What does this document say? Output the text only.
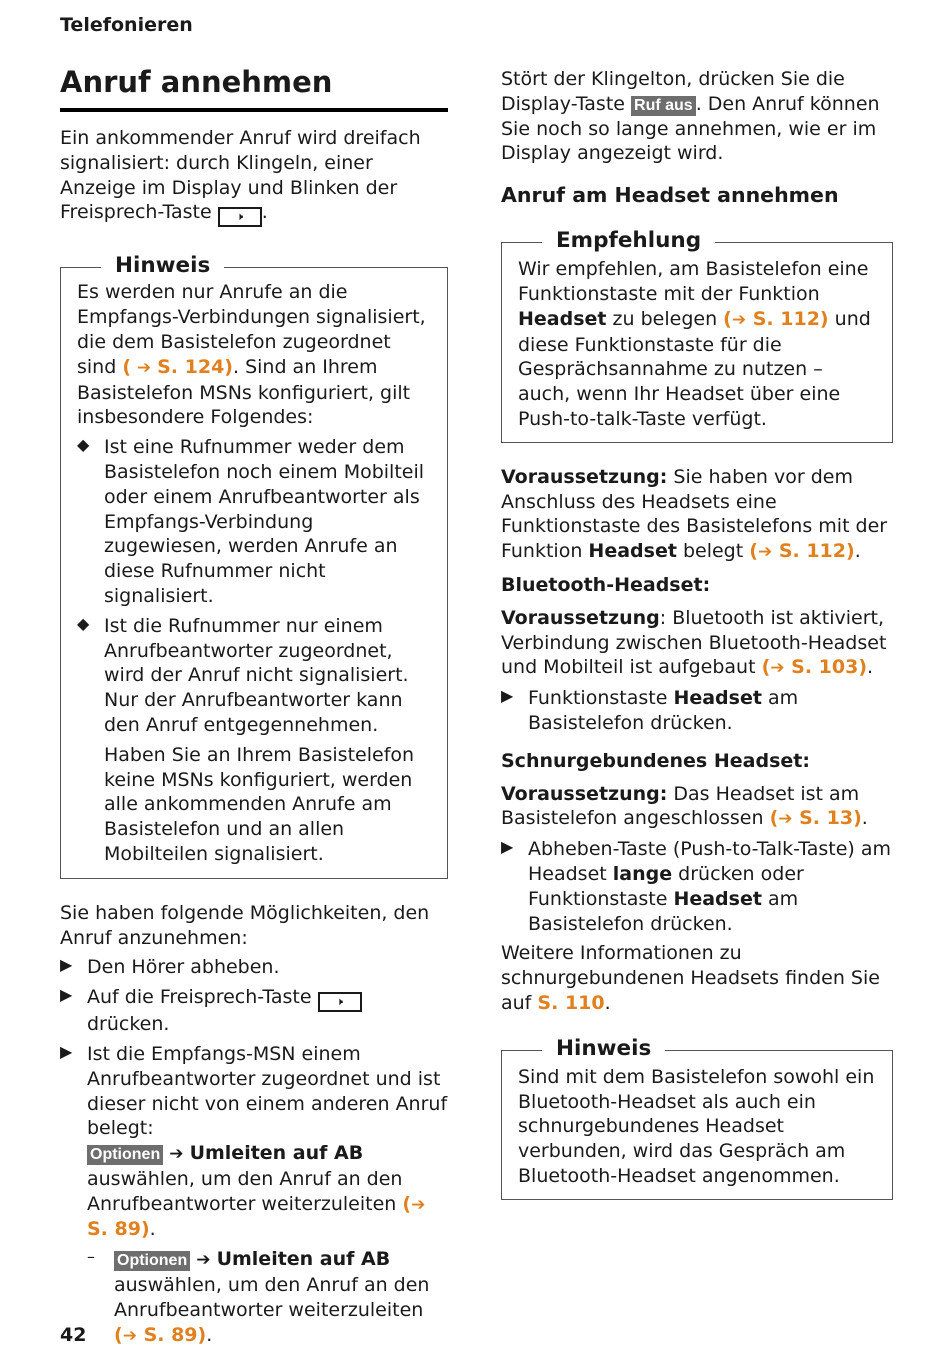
Telefonieren
Anruf annehmen

Ein ankommender Anruf wird dreifach signalisiert: durch Klingeln, einer Anzeige im Display und Blinken der Freisprech-Taste 🕨 .

Hinweis

Es werden nur Anrufe an die Empfangs-Verbindungen signalisiert, die dem Basistelefon zugeordnet sind ( ➔ S. 124). Sind an Ihrem Basistelefon MSNs konfiguriert, gilt insbesondere Folgendes:

◆ Ist eine Rufnummer weder dem Basistelefon noch einem Mobilteil oder einem Anrufbeantworter als Empfangs-Verbindung zugewiesen, werden Anrufe an diese Rufnummer nicht signalisiert.

◆ Ist die Rufnummer nur einem Anrufbeantworter zugeordnet, wird der Anruf nicht signalisiert. Nur der Anrufbeantworter kann den Anruf entgegennehmen.

Haben Sie an Ihrem Basistelefon keine MSNs konfiguriert, werden alle ankommenden Anrufe am Basistelefon und an allen Mobilteilen signalisiert.

Sie haben folgende Möglichkeiten, den Anruf anzunehmen:

▶ Den Hörer abheben.

▶ Auf die Freisprech-Taste 🕨 drücken.

▶ Ist die Empfangs-MSN einem Anrufbeantworter zugeordnet und ist dieser nicht von einem anderen Anruf belegt:
Optionen ➔ Umleiten auf AB auswählen, um den Anruf an den Anrufbeantworter weiterzuleiten (➔ S. 89).

– Optionen ➔ Umleiten auf AB auswählen, um den Anruf an den Anrufbeantworter weiterzuleiten (➔ S. 89).

Stört der Klingelton, drücken Sie die Display-Taste Ruf aus . Den Anruf können Sie noch so lange annehmen, wie er im Display angezeigt wird.

Anruf am Headset annehmen
Empfehlung

Wir empfehlen, am Basistelefon eine Funktionstaste mit der Funktion Headset zu belegen (➔ S. 112) und diese Funktionstaste für die Gesprächsannahme zu nutzen – auch, wenn Ihr Headset über eine Push-to-talk-Taste verfügt.

Voraussetzung: Sie haben vor dem Anschluss des Headsets eine Funktionstaste des Basistelefons mit der Funktion Headset belegt (➔ S. 112).

Bluetooth-Headset:

Voraussetzung: Bluetooth ist aktiviert, Verbindung zwischen Bluetooth-Headset und Mobilteil ist aufgebaut (➔ S. 103).

▶ Funktionstaste Headset am Basistelefon drücken.

Schnurgebundenes Headset:

Voraussetzung: Das Headset ist am Basistelefon angeschlossen (➔ S. 13).

▶ Abheben-Taste (Push-to-Talk-Taste) am Headset lange drücken oder Funktionstaste Headset am Basistelefon drücken.

Weitere Informationen zu schnurgebundenen Headsets finden Sie auf S. 110.

Hinweis

Sind mit dem Basistelefon sowohl ein Bluetooth-Headset als auch ein schnurgebundenes Headset verbunden, wird das Gespräch am Bluetooth-Headset angenommen.

42
